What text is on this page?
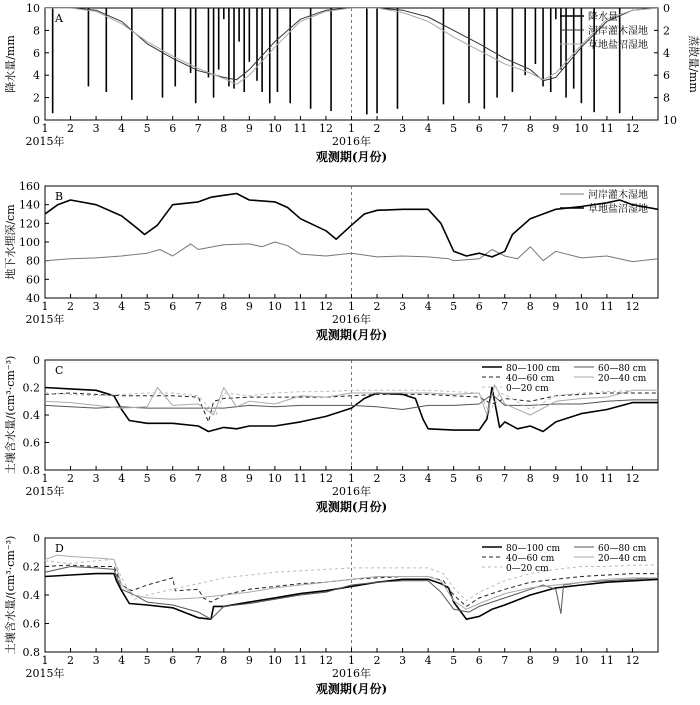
A
0
2
4
6
8
10	0
2
4
6
8
10
1 2 3 4 5 6 7 8 9 10 11 12 1 2 3 4 5 6 7 8 9 10 11 12
2015年	2016年
观测期(月份)
降水量/mm	蒸散量/mm
降水量
河岸灌木湿地
草地盐沼湿地
B
40
60
80
100
120
140
160
1 2 3 4 5 6 7 8 9 10 11 12 1 2 3 4 5 6 7 8 9 10 11 12
2015年	2016年
观测期(月份)
地下水埋深/cm
河岸灌木湿地
草地盐沼湿地
C
0
0.2
0.4
0.6
0.8
1 2 3 4 5 6 7 8 9 10 11 12 1 2 3 4 5 6 7 8 9 10 11 12
2015年	2016年
观测期(月份)
土壤含水量/(cm³·cm⁻³)	80—100 cm	60—80 cm
40—60 cm	20—40 cm
0—20 cm
D
0
0.2
0.4
0.6
0.8
1 2 3 4 5 6 7 8 9 10 11 12 1 2 3 4 5 6 7 8 9 10 11 12
2015年	2016年
观测期(月份)
土壤含水量/(cm³·cm⁻³)	80—100 cm	60—80 cm
40—60 cm	20—40 cm
0—20 cm
